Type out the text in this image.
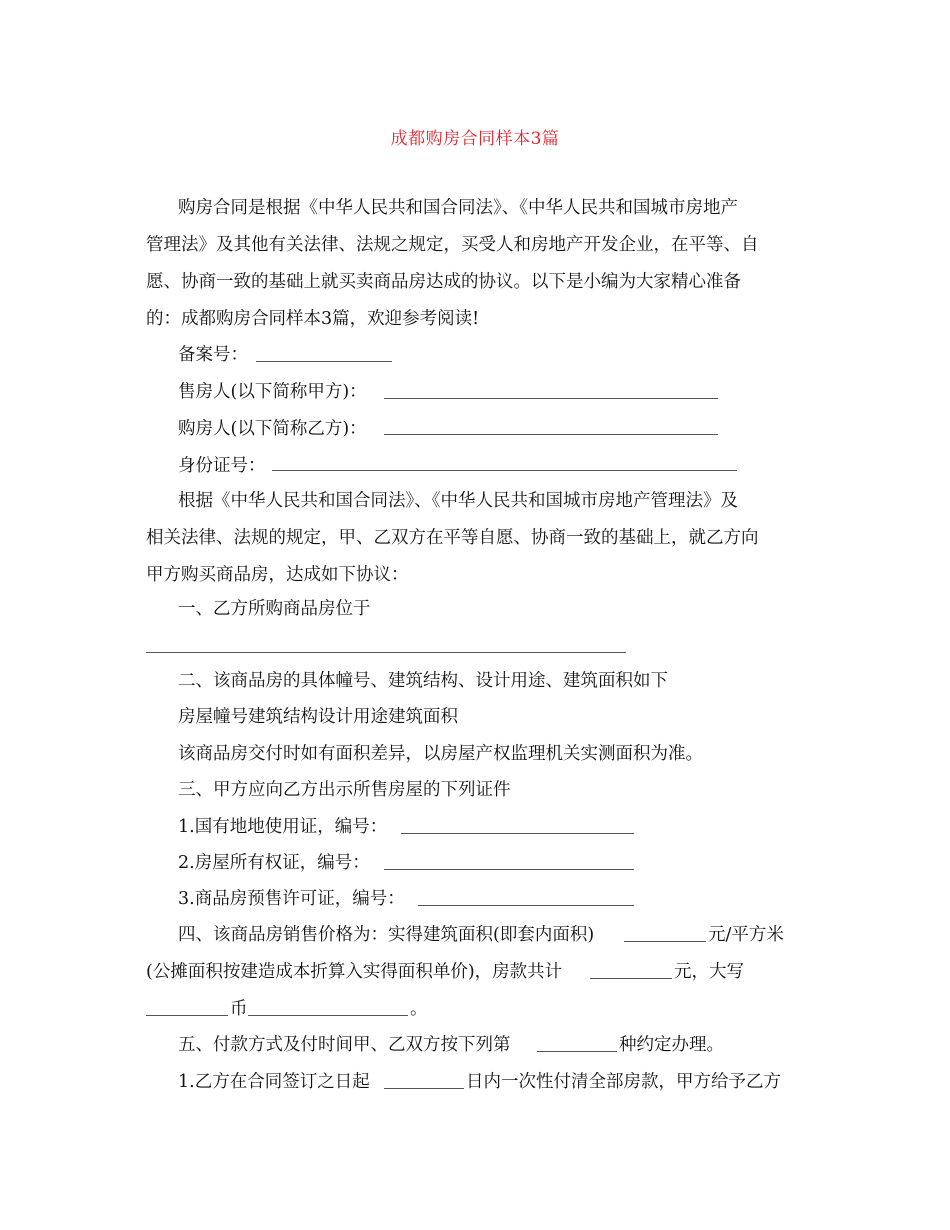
成都购房合同样本3篇
购房合同是根据《中华人民共和国合同法》、《中华人民共和国城市房地产
管理法》及其他有关法律、法规之规定，买受人和房地产开发企业，在平等、自
愿、协商一致的基础上就买卖商品房达成的协议。以下是小编为大家精心准备
的：成都购房合同样本3篇，欢迎参考阅读!
备案号：
售房人(以下简称甲方)：
购房人(以下简称乙方)：
身份证号：
根据《中华人民共和国合同法》、《中华人民共和国城市房地产管理法》及
相关法律、法规的规定，甲、乙双方在平等自愿、协商一致的基础上，就乙方向
甲方购买商品房，达成如下协议：
一、乙方所购商品房位于
二、该商品房的具体幢号、建筑结构、设计用途、建筑面积如下
房屋幢号建筑结构设计用途建筑面积
该商品房交付时如有面积差异，以房屋产权监理机关实测面积为准。
三、甲方应向乙方出示所售房屋的下列证件
1.国有地地使用证，编号：
2.房屋所有权证，编号：
3.商品房预售许可证，编号：
四、该商品房销售价格为：实得建筑面积(即套内面积)	元/平方米
(公摊面积按建造成本折算入实得面积单价)，房款共计	元，大写
币	。
五、付款方式及付时间甲、乙双方按下列第	种约定办理。
1.乙方在合同签订之日起	日内一次性付清全部房款，甲方给予乙方
